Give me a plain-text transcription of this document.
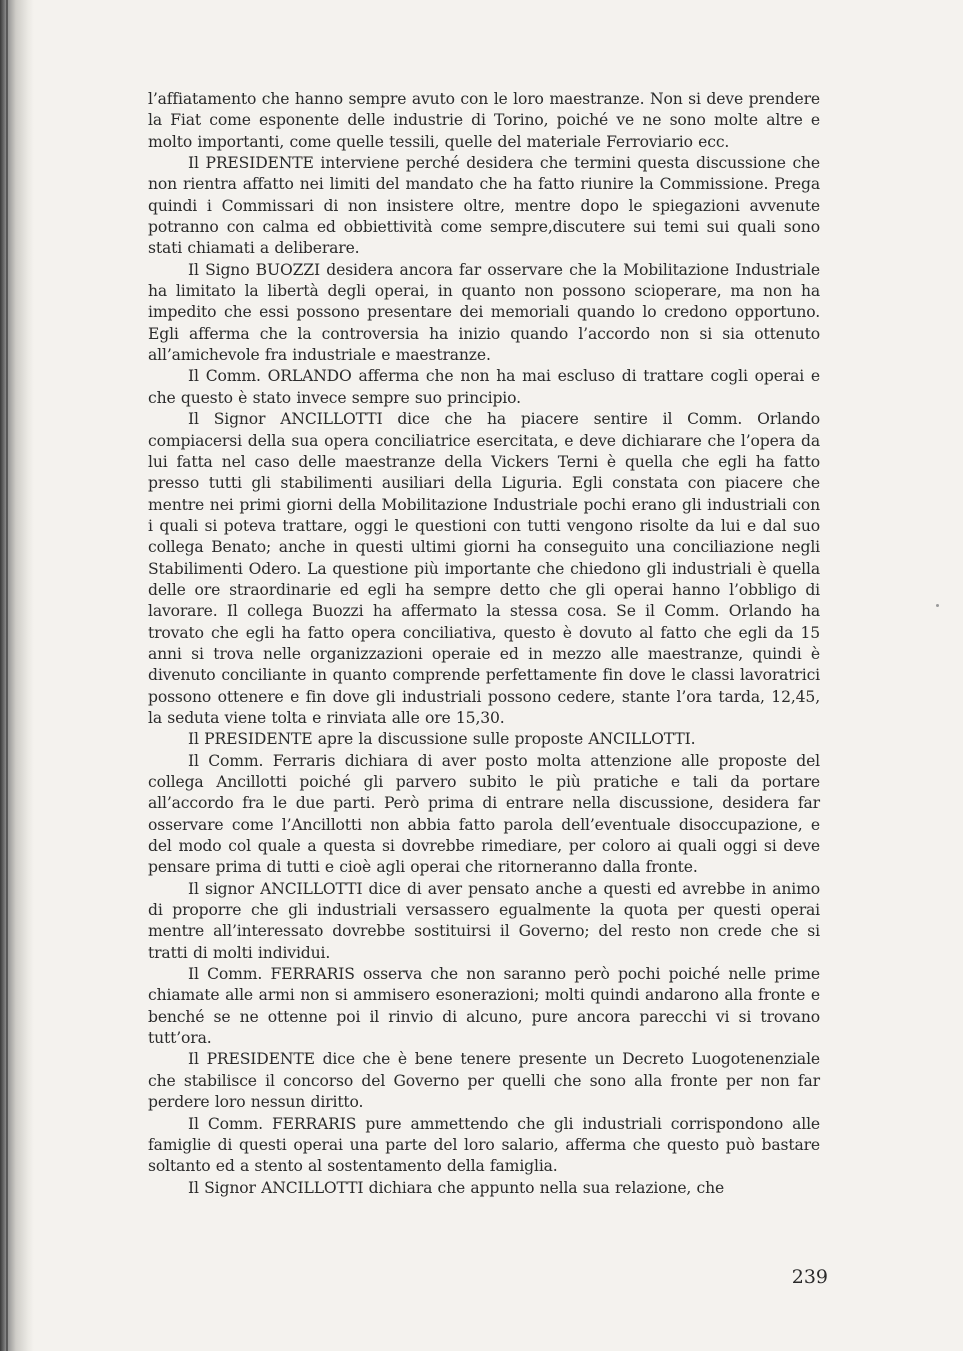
l’affiatamento che hanno sempre avuto con le loro maestranze. Non si deve prendere la Fiat come esponente delle industrie di Torino, poiché ve ne sono molte altre e molto importanti, come quelle tessili, quelle del materiale Ferroviario ecc.

Il PRESIDENTE interviene perché desidera che termini questa discussione che non rientra affatto nei limiti del mandato che ha fatto riunire la Commissione. Prega quindi i Commissari di non insistere oltre, mentre dopo le spiegazioni avvenute potranno con calma ed obbiettività come sempre,discutere sui temi sui quali sono stati chiamati a deliberare.

Il Signo BUOZZI desidera ancora far osservare che la Mobilitazione Industriale ha limitato la libertà degli operai, in quanto non possono scioperare, ma non ha impedito che essi possono presentare dei memoriali quando lo credono opportuno. Egli afferma che la controversia ha inizio quando l’accordo non si sia ottenuto all’amichevole fra industriale e maestranze.

Il Comm. ORLANDO afferma che non ha mai escluso di trattare cogli operai e che questo è stato invece sempre suo principio.

Il Signor ANCILLOTTI dice che ha piacere sentire il Comm. Orlando compiacersi della sua opera conciliatrice esercitata, e deve dichiarare che l’opera da lui fatta nel caso delle maestranze della Vickers Terni è quella che egli ha fatto presso tutti gli stabilimenti ausiliari della Liguria. Egli constata con piacere che mentre nei primi giorni della Mobilitazione Industriale pochi erano gli industriali con i quali si poteva trattare, oggi le questioni con tutti vengono risolte da lui e dal suo collega Benato; anche in questi ultimi giorni ha conseguito una conciliazione negli Stabilimenti Odero. La questione più importante che chiedono gli industriali è quella delle ore straordinarie ed egli ha sempre detto che gli operai hanno l’obbligo di lavorare. Il collega Buozzi ha affermato la stessa cosa. Se il Comm. Orlando ha trovato che egli ha fatto opera conciliativa, questo è dovuto al fatto che egli da 15 anni si trova nelle organizzazioni operaie ed in mezzo alle maestranze, quindi è divenuto conciliante in quanto comprende perfettamente fin dove le classi lavoratrici possono ottenere e fin dove gli industriali possono cedere, stante l’ora tarda, 12,45, la seduta viene tolta e rinviata alle ore 15,30.

Il PRESIDENTE apre la discussione sulle proposte ANCILLOTTI.

Il Comm. Ferraris dichiara di aver posto molta attenzione alle proposte del collega Ancillotti poiché gli parvero subito le più pratiche e tali da portare all’accordo fra le due parti. Però prima di entrare nella discussione, desidera far osservare come l’Ancillotti non abbia fatto parola dell’eventuale disoccupazione, e del modo col quale a questa si dovrebbe rimediare, per coloro ai quali oggi si deve pensare prima di tutti e cioè agli operai che ritorneranno dalla fronte.

Il signor ANCILLOTTI dice di aver pensato anche a questi ed avrebbe in animo di proporre che gli industriali versassero egualmente la quota per questi operai mentre all’interessato dovrebbe sostituirsi il Governo; del resto non crede che si tratti di molti individui.

Il Comm. FERRARIS osserva che non saranno però pochi poiché nelle prime chiamate alle armi non si ammisero esonerazioni; molti quindi andarono alla fronte e benché se ne ottenne poi il rinvio di alcuno, pure ancora parecchi vi si trovano tutt’ora.

Il PRESIDENTE dice che è bene tenere presente un Decreto Luogotenenziale che stabilisce il concorso del Governo per quelli che sono alla fronte per non far perdere loro nessun diritto.

Il Comm. FERRARIS pure ammettendo che gli industriali corrispondono alle famiglie di questi operai una parte del loro salario, afferma che questo può bastare soltanto ed a stento al sostentamento della famiglia.

Il Signor ANCILLOTTI dichiara che appunto nella sua relazione, che

239
